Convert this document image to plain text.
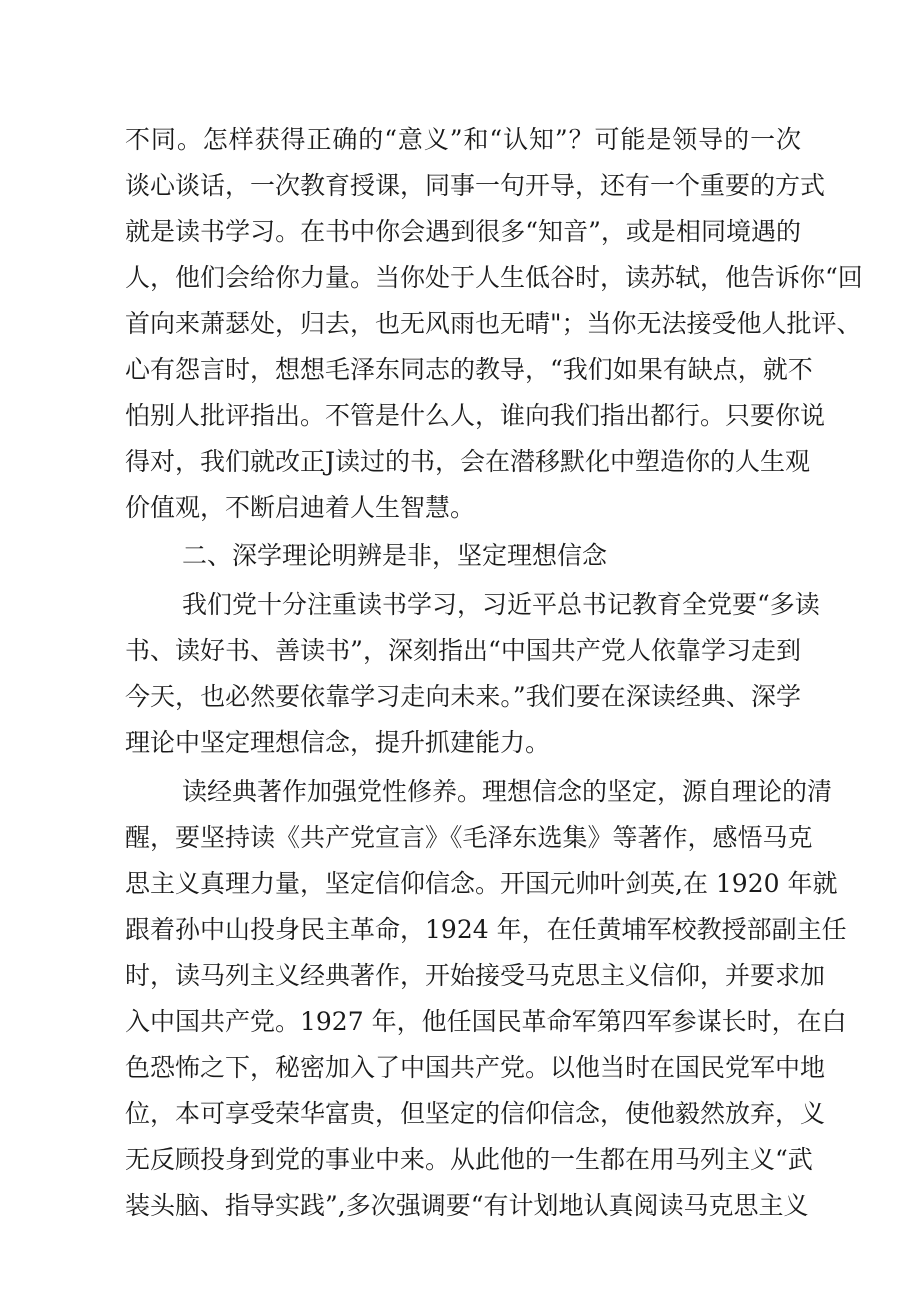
不同。怎样获得正确的“意义”和“认知”？可能是领导的一次
谈心谈话，一次教育授课，同事一句开导，还有一个重要的方式
就是读书学习。在书中你会遇到很多“知音”，或是相同境遇的
人，他们会给你力量。当你处于人生低谷时，读苏轼，他告诉你“回
首向来萧瑟处，归去，也无风雨也无晴"；当你无法接受他人批评、
心有怨言时，想想毛泽东同志的教导，“我们如果有缺点，就不
怕别人批评指出。不管是什么人，谁向我们指出都行。只要你说
得对，我们就改正J读过的书，会在潜移默化中塑造你的人生观
价值观，不断启迪着人生智慧。
二、深学理论明辨是非，坚定理想信念
我们党十分注重读书学习，习近平总书记教育全党要“多读
书、读好书、善读书”，深刻指出“中国共产党人依靠学习走到
今天，也必然要依靠学习走向未来。”我们要在深读经典、深学
理论中坚定理想信念，提升抓建能力。
读经典著作加强党性修养。理想信念的坚定，源自理论的清
醒，要坚持读《共产党宣言》《毛泽东选集》等著作，感悟马克
思主义真理力量，坚定信仰信念。开国元帅叶剑英,在 1920 年就
跟着孙中山投身民主革命，1924 年，在任黄埔军校教授部副主任
时，读马列主义经典著作，开始接受马克思主义信仰，并要求加
入中国共产党。1927 年，他任国民革命军第四军参谋长时，在白
色恐怖之下，秘密加入了中国共产党。以他当时在国民党军中地
位，本可享受荣华富贵，但坚定的信仰信念，使他毅然放弃，义
无反顾投身到党的事业中来。从此他的一生都在用马列主义“武
装头脑、指导实践”,多次强调要“有计划地认真阅读马克思主义
